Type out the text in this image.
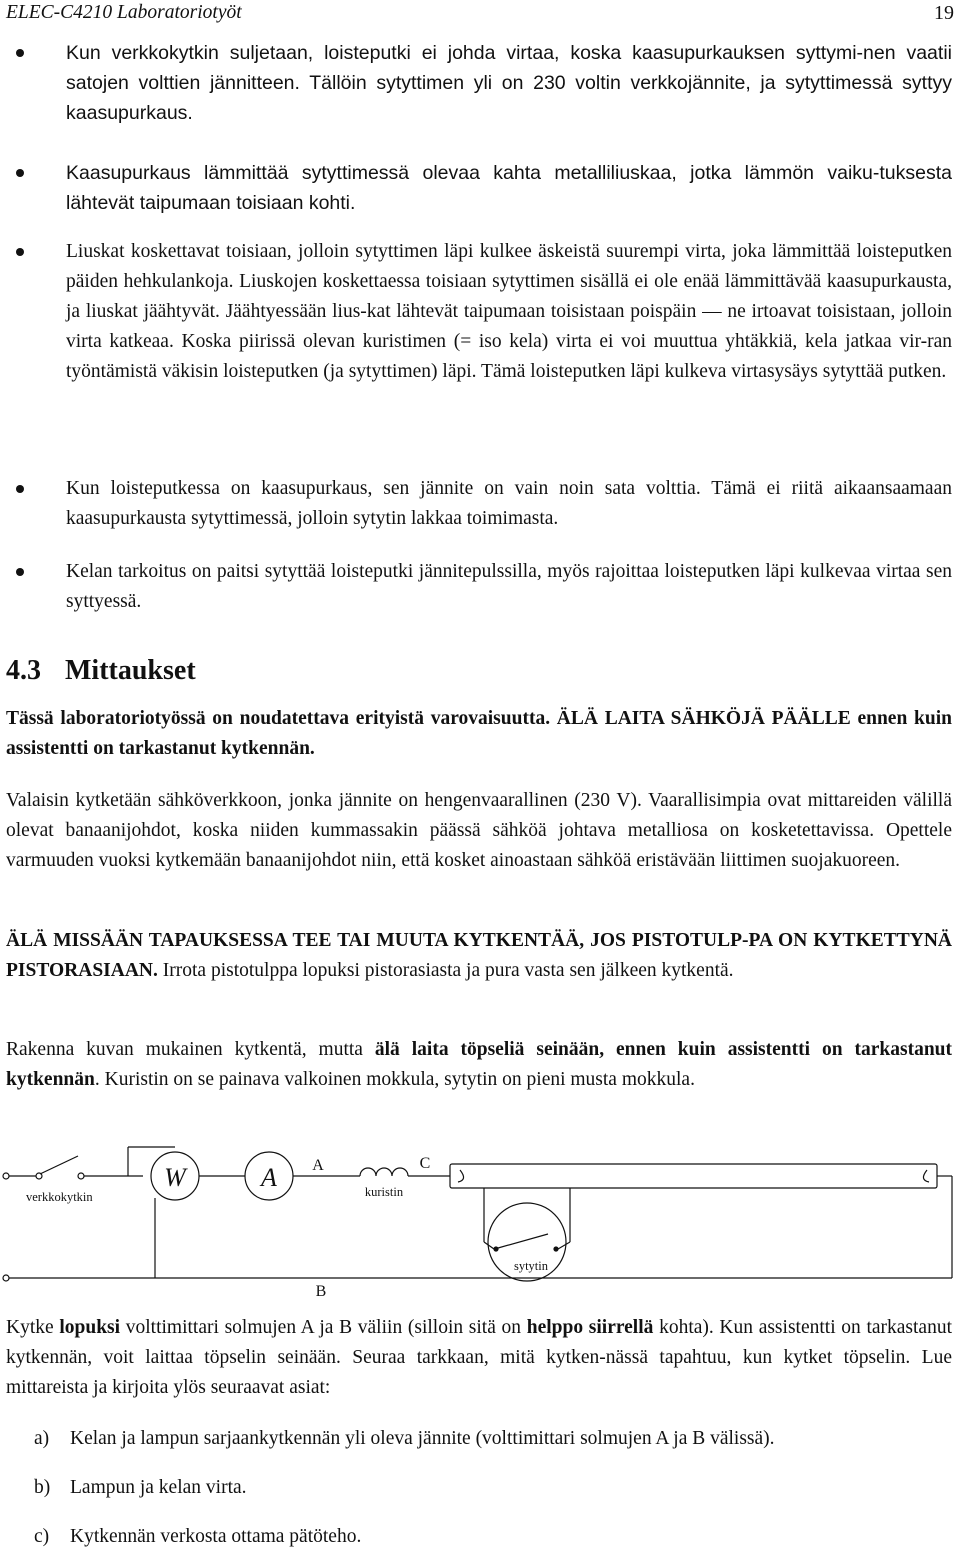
ELEC-C4210 Laboratoriotyöt	19
Kun verkkokytkin suljetaan, loisteputki ei johda virtaa, koska kaasupurkauksen syttymi-nen vaatii satojen volttien jännitteen. Tällöin sytyttimen yli on 230 voltin verkkojännite, ja sytyttimessä syttyy kaasupurkaus.
Kaasupurkaus lämmittää sytyttimessä olevaa kahta metalliliuskaa, jotka lämmön vaiku-tuksesta lähtevät taipumaan toisiaan kohti.
Liuskat koskettavat toisiaan, jolloin sytyttimen läpi kulkee äskeistä suurempi virta, joka lämmittää loisteputken päiden hehkulankoja. Liuskojen koskettaessa toisiaan sytyttimen sisällä ei ole enää lämmittävää kaasupurkausta, ja liuskat jäähtyvät. Jäähtyessään lius-kat lähtevät taipumaan toisistaan poispäin — ne irtoavat toisistaan, jolloin virta katkeaa. Koska piirissä olevan kuristimen (= iso kela) virta ei voi muuttua yhtäkkiä, kela jatkaa vir-ran työntämistä väkisin loisteputken (ja sytyttimen) läpi. Tämä loisteputken läpi kulkeva virtasysäys sytyttää putken.
Kun loisteputkessa on kaasupurkaus, sen jännite on vain noin sata volttia. Tämä ei riitä aikaansaamaan kaasupurkausta sytyttimessä, jolloin sytytin lakkaa toimimasta.
Kelan tarkoitus on paitsi sytyttää loisteputki jännitepulssilla, myös rajoittaa loisteputken läpi kulkevaa virtaa sen syttyessä.
4.3 Mittaukset
Tässä laboratoriotyössä on noudatettava erityistä varovaisuutta. ÄLÄ LAITA SÄHKÖJÄ PÄÄLLE ennen kuin assistentti on tarkastanut kytkennän.
Valaisin kytketään sähköverkkoon, jonka jännite on hengenvaarallinen (230 V). Vaarallisimpia ovat mittareiden välillä olevat banaanijohdot, koska niiden kummassakin päässä sähköä johtava metalliosa on kosketettavissa. Opettele varmuuden vuoksi kytkemään banaanijohdot niin, että kosket ainoastaan sähköä eristävään liittimen suojakuoreen.
ÄLÄ MISSÄÄN TAPAUKSESSA TEE TAI MUUTA KYTKENTÄÄ, JOS PISTOTULP-PA ON KYTKETTYNÄ PISTORASIAAN. Irrota pistotulppa lopuksi pistorasiasta ja pura vasta sen jälkeen kytkentä.
Rakenna kuvan mukainen kytkentä, mutta älä laita töpseliä seinään, ennen kuin assistentti on tarkastanut kytkennän. Kuristin on se painava valkoinen mokkula, sytytin on pieni musta mokkula.
verkkokytkin
W	A A	C
kuristin
sytytin
B
Kytke lopuksi volttimittari solmujen A ja B väliin (silloin sitä on helppo siirrellä kohta). Kun assistentti on tarkastanut kytkennän, voit laittaa töpselin seinään. Seuraa tarkkaan, mitä kytken-nässä tapahtuu, kun kytket töpselin. Lue mittareista ja kirjoita ylös seuraavat asiat:
a) Kelan ja lampun sarjaankytkennän yli oleva jännite (volttimittari solmujen A ja B välissä).
b) Lampun ja kelan virta.
c) Kytkennän verkosta ottama pätöteho.
